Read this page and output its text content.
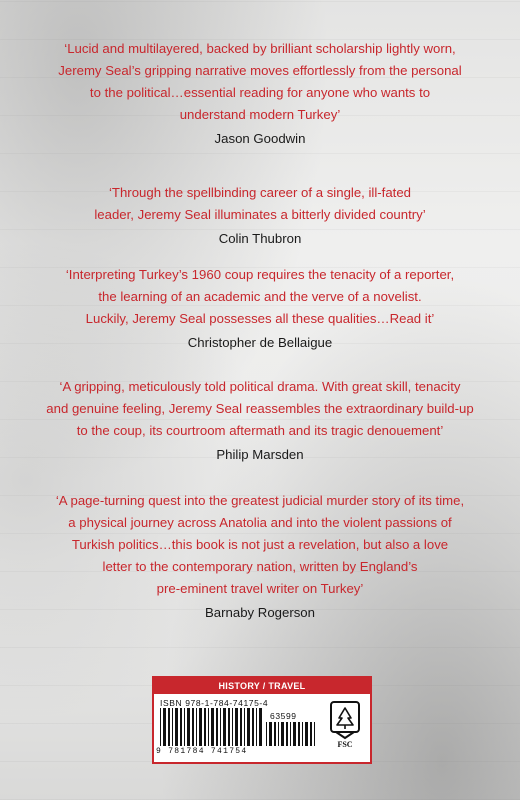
‘Lucid and multilayered, backed by brilliant scholarship lightly worn,
Jeremy Seal’s gripping narrative moves effortlessly from the personal
to the political…essential reading for anyone who wants to
understand modern Turkey’
Jason Goodwin
‘Through the spellbinding career of a single, ill-fated
leader, Jeremy Seal illuminates a bitterly divided country’
Colin Thubron
‘Interpreting Turkey’s 1960 coup requires the tenacity of a reporter,
the learning of an academic and the verve of a novelist.
Luckily, Jeremy Seal possesses all these qualities…Read it’
Christopher de Bellaigue
‘A gripping, meticulously told political drama. With great skill, tenacity
and genuine feeling, Jeremy Seal reassembles the extraordinary build-up
to the coup, its courtroom aftermath and its tragic denouement’
Philip Marsden
‘A page-turning quest into the greatest judicial murder story of its time,
a physical journey across Anatolia and into the violent passions of
Turkish politics…this book is not just a revelation, but also a love
letter to the contemporary nation, written by England’s
pre-eminent travel writer on Turkey’
Barnaby Rogerson
HISTORY / TRAVEL
ISBN 978-1-784-74175-4
63599
9 781784 741754
FSC
